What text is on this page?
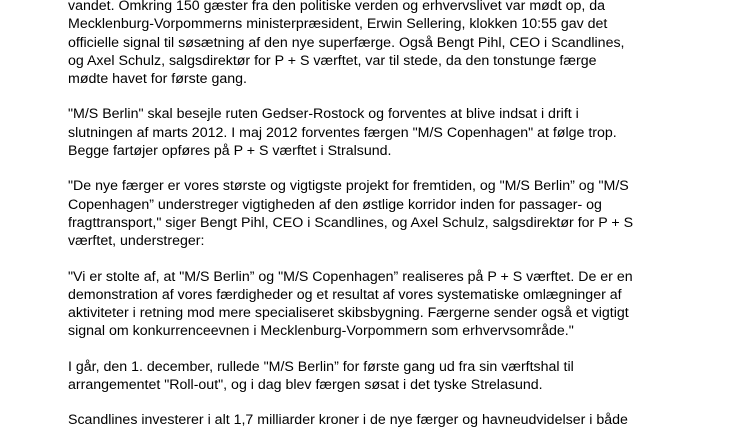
vandet. Omkring 150 gæster fra den politiske verden og erhvervslivet var mødt op, da
Mecklenburg-Vorpommerns ministerpræsident, Erwin Sellering, klokken 10:55 gav det
officielle signal til søsætning af den nye superfærge. Også Bengt Pihl, CEO i Scandlines,
og Axel Schulz, salgsdirektør for P + S værftet, var til stede, da den tonstunge færge
mødte havet for første gang.

"M/S Berlin" skal besejle ruten Gedser-Rostock og forventes at blive indsat i drift i
slutningen af marts 2012. I maj 2012 forventes færgen "M/S Copenhagen" at følge trop.
Begge fartøjer opføres på P + S værftet i Stralsund.

"De nye færger er vores største og vigtigste projekt for fremtiden, og "M/S Berlin” og "M/S
Copenhagen” understreger vigtigheden af den østlige korridor inden for passager- og
fragttransport," siger Bengt Pihl, CEO i Scandlines, og Axel Schulz, salgsdirektør for P + S
værftet, understreger:

"Vi er stolte af, at "M/S Berlin” og "M/S Copenhagen” realiseres på P + S værftet. De er en
demonstration af vores færdigheder og et resultat af vores systematiske omlægninger af
aktiviteter i retning mod mere specialiseret skibsbygning. Færgerne sender også et vigtigt
signal om konkurrenceevnen i Mecklenburg-Vorpommern som erhvervsområde."

I går, den 1. december, rullede "M/S Berlin” for første gang ud fra sin værftshal til
arrangementet "Roll-out", og i dag blev færgen søsat i det tyske Strelasund.

Scandlines investerer i alt 1,7 milliarder kroner i de nye færger og havneudvidelser i både
